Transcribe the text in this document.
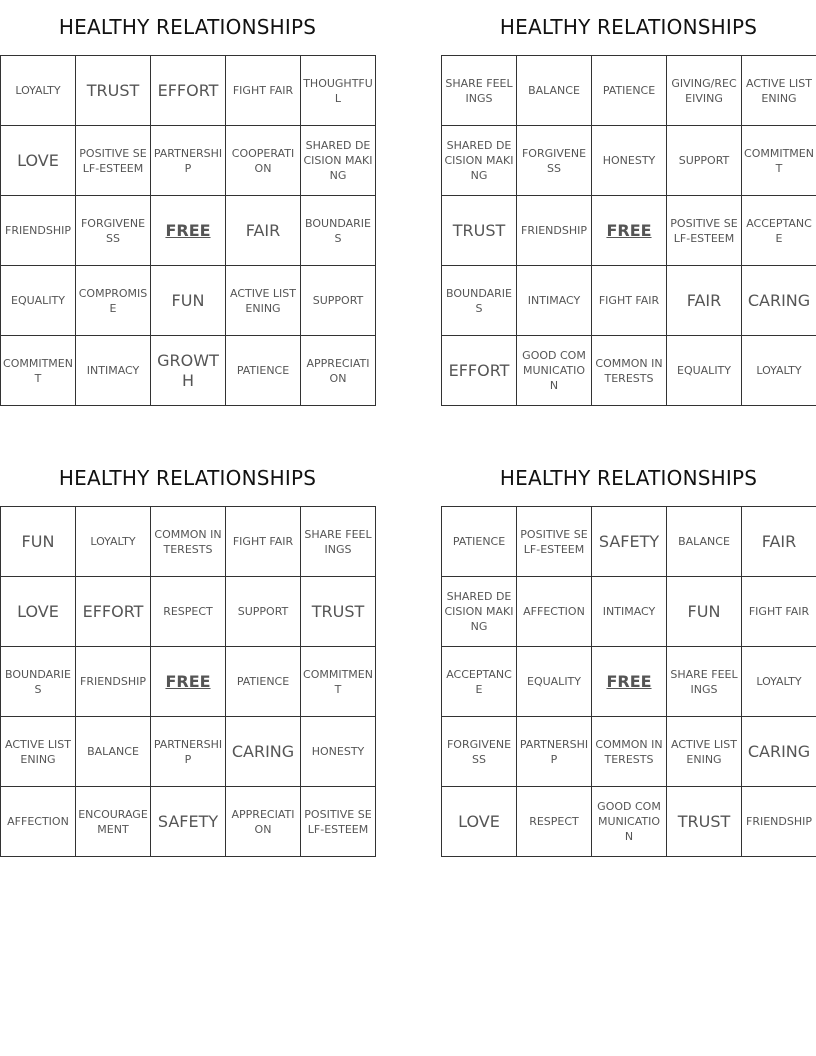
HEALTHY RELATIONSHIPS
LOYALTY	TRUST	EFFORT	FIGHT FAIR	THOUGHTFUL
LOVE	POSITIVE SELF-ESTEEM	PARTNERSHIP	COOPERATION	SHARED DECISION MAKING
FRIENDSHIP	FORGIVENESS	FREE	FAIR	BOUNDARIES
EQUALITY	COMPROMISE	FUN	ACTIVE LISTENING	SUPPORT
COMMITMENT	INTIMACY	GROWTH	PATIENCE	APPRECIATION
HEALTHY RELATIONSHIPS
SHARE FEELINGS	BALANCE	PATIENCE	GIVING/RECEIVING	ACTIVE LISTENING
SHARED DECISION MAKING	FORGIVENESS	HONESTY	SUPPORT	COMMITMENT
TRUST	FRIENDSHIP	FREE	POSITIVE SELF-ESTEEM	ACCEPTANCE
BOUNDARIES	INTIMACY	FIGHT FAIR	FAIR	CARING
EFFORT	GOOD COMMUNICATION	COMMON INTERESTS	EQUALITY	LOYALTY
HEALTHY RELATIONSHIPS
FUN	LOYALTY	COMMON INTERESTS	FIGHT FAIR	SHARE FEELINGS
LOVE	EFFORT	RESPECT	SUPPORT	TRUST
BOUNDARIES	FRIENDSHIP	FREE	PATIENCE	COMMITMENT
ACTIVE LISTENING	BALANCE	PARTNERSHIP	CARING	HONESTY
AFFECTION	ENCOURAGEMENT	SAFETY	APPRECIATION	POSITIVE SELF-ESTEEM
HEALTHY RELATIONSHIPS
PATIENCE	POSITIVE SELF-ESTEEM	SAFETY	BALANCE	FAIR
SHARED DECISION MAKING	AFFECTION	INTIMACY	FUN	FIGHT FAIR
ACCEPTANCE	EQUALITY	FREE	SHARE FEELINGS	LOYALTY
FORGIVENESS	PARTNERSHIP	COMMON INTERESTS	ACTIVE LISTENING	CARING
LOVE	RESPECT	GOOD COMMUNICATION	TRUST	FRIENDSHIP
